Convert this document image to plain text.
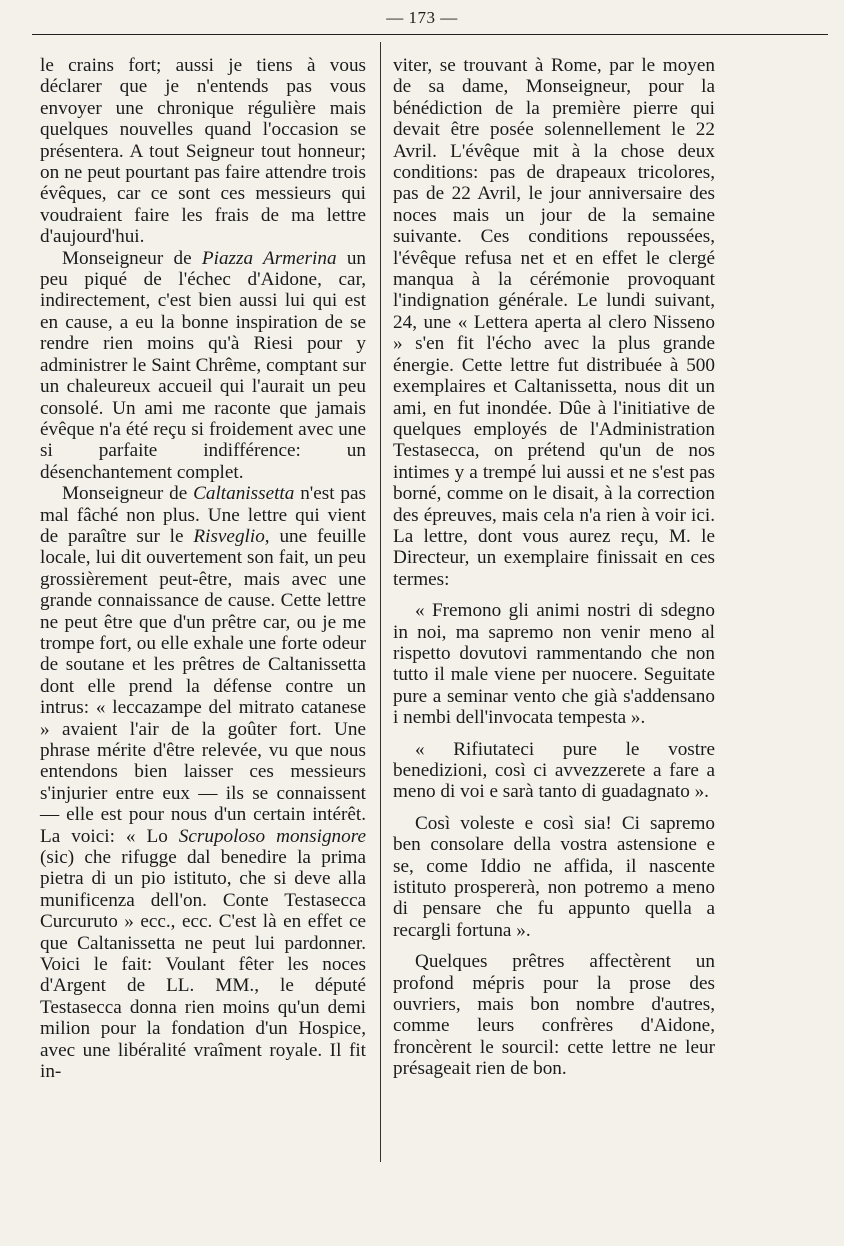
— 173 —

le crains fort; aussi je tiens à vous déclarer que je n'entends pas vous envoyer une chronique régulière mais quelques nouvelles quand l'occasion se présentera. A tout Seigneur tout honneur; on ne peut pourtant pas faire attendre trois évêques, car ce sont ces messieurs qui voudraient faire les frais de ma lettre d'aujourd'hui.

Monseigneur de Piazza Armerina un peu piqué de l'échec d'Aidone, car, indirectement, c'est bien aussi lui qui est en cause, a eu la bonne inspiration de se rendre rien moins qu'à Riesi pour y administrer le Saint Chrême, comptant sur un chaleureux accueil qui l'aurait un peu consolé. Un ami me raconte que jamais évêque n'a été reçu si froidement avec une si parfaite indifférence: un désenchantement complet.

Monseigneur de Caltanissetta n'est pas mal fâché non plus. Une lettre qui vient de paraître sur le Risveglio, une feuille locale, lui dit ouvertement son fait, un peu grossièrement peut-être, mais avec une grande connaissance de cause. Cette lettre ne peut être que d'un prêtre car, ou je me trompe fort, ou elle exhale une forte odeur de soutane et les prêtres de Caltanissetta dont elle prend la défense contre un intrus: « leccazampe del mitrato catanese » avaient l'air de la goûter fort. Une phrase mérite d'être relevée, vu que nous entendons bien laisser ces messieurs s'injurier entre eux — ils se connaissent — elle est pour nous d'un certain intérêt. La voici: « Lo Scrupoloso monsignore (sic) che rifugge dal benedire la prima pietra di un pio istituto, che si deve alla munificenza dell'on. Conte Testasecca Curcuruto » ecc., ecc. C'est là en effet ce que Caltanissetta ne peut lui pardonner. Voici le fait: Voulant fêter les noces d'Argent de LL. MM., le député Testasecca donna rien moins qu'un demi milion pour la fondation d'un Hospice, avec une libéralité vraîment royale. Il fit in-

viter, se trouvant à Rome, par le moyen de sa dame, Monseigneur, pour la bénédiction de la première pierre qui devait être posée solennellement le 22 Avril. L'évêque mit à la chose deux conditions: pas de drapeaux tricolores, pas de 22 Avril, le jour anniversaire des noces mais un jour de la semaine suivante. Ces conditions repoussées, l'évêque refusa net et en effet le clergé manqua à la cérémonie provoquant l'indignation générale. Le lundi suivant, 24, une « Lettera aperta al clero Nisseno » s'en fit l'écho avec la plus grande énergie. Cette lettre fut distribuée à 500 exemplaires et Caltanissetta, nous dit un ami, en fut inondée. Dûe à l'initiative de quelques employés de l'Administration Testasecca, on prétend qu'un de nos intimes y a trempé lui aussi et ne s'est pas borné, comme on le disait, à la correction des épreuves, mais cela n'a rien à voir ici. La lettre, dont vous aurez reçu, M. le Directeur, un exemplaire finissait en ces termes:

« Fremono gli animi nostri di sdegno in noi, ma sapremo non venir meno al rispetto dovutovi rammentando che non tutto il male viene per nuocere. Seguitate pure a seminar vento che già s'addensano i nembi dell'invocata tempesta ».

« Rifiutateci pure le vostre benedizioni, così ci avvezzerete a fare a meno di voi e sarà tanto di guadagnato ».

Così voleste e così sia! Ci sapremo ben consolare della vostra astensione e se, come Iddio ne affida, il nascente istituto prospererà, non potremo a meno di pensare che fu appunto quella a recargli fortuna ».

Quelques prêtres affectèrent un profond mépris pour la prose des ouvriers, mais bon nombre d'autres, comme leurs confrères d'Aidone, froncèrent le sourcil: cette lettre ne leur présageait rien de bon.
